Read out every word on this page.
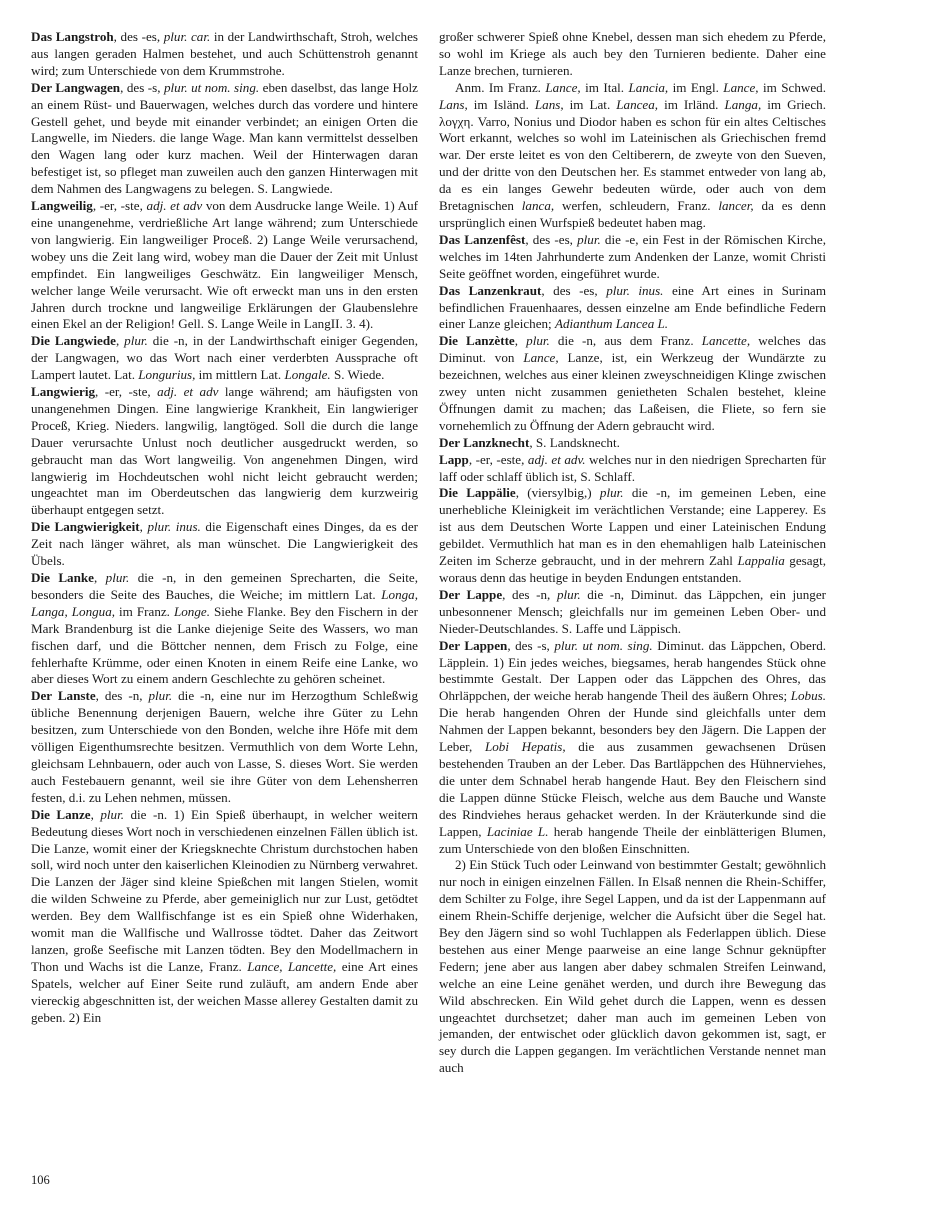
Das Langstroh, des -es, plur. car. in der Landwirthschaft, Stroh, welches aus langen geraden Halmen bestehet, und auch Schüttenstroh genannt wird; zum Unterschiede von dem Krummstrohe.

Der Langwagen, des -s, plur. ut nom. sing. eben daselbst, das lange Holz an einem Rüst- und Bauerwagen, welches durch das vordere und hintere Gestell gehet, und beyde mit einander verbindet; an einigen Orten die Langwelle, im Nieders. die lange Wage. Man kann vermittelst desselben den Wagen lang oder kurz machen. Weil der Hinterwagen daran befestiget ist, so pfleget man zuweilen auch den ganzen Hinterwagen mit dem Nahmen des Langwagens zu belegen. S. Langwiede.

Langweilig, -er, -ste, adj. et adv von dem Ausdrucke lange Weile. 1) Auf eine unangenehme, verdrießliche Art lange während; zum Unterschiede von langwierig. Ein langweiliger Proceß. 2) Lange Weile verursachend, wobey uns die Zeit lang wird, wobey man die Dauer der Zeit mit Unlust empfindet. Ein langweiliges Geschwätz. Ein langweiliger Mensch, welcher lange Weile verursacht. Wie oft erweckt man uns in den ersten Jahren durch trockne und langweilige Erklärungen der Glaubenslehre einen Ekel an der Religion! Gell. S. Lange Weile in LangII. 3. 4).

Die Langwiede, plur. die -n, in der Landwirthschaft einiger Gegenden, der Langwagen, wo das Wort nach einer verderbten Aussprache oft Lampert lautet. Lat. Longurius, im mittlern Lat. Longale. S. Wiede.

Langwierig, -er, -ste, adj. et adv lange während; am häufigsten von unangenehmen Dingen. Eine langwierige Krankheit, Ein langwieriger Proceß, Krieg. Nieders. langwilig, langtöged. Soll die durch die lange Dauer verursachte Unlust noch deutlicher ausgedruckt werden, so gebraucht man das Wort langweilig. Von angenehmen Dingen, wird langwierig im Hochdeutschen wohl nicht leicht gebraucht werden; ungeachtet man im Oberdeutschen das langwierig dem kurzweirig überhaupt entgegen setzt.

Die Langwierigkeit, plur. inus. die Eigenschaft eines Dinges, da es der Zeit nach länger währet, als man wünschet. Die Langwierigkeit des Übels.

Die Lanke, plur. die -n, in den gemeinen Sprecharten, die Seite, besonders die Seite des Bauches, die Weiche; im mittlern Lat. Longa, Langa, Longua, im Franz. Longe. Siehe Flanke. Bey den Fischern in der Mark Brandenburg ist die Lanke diejenige Seite des Wassers, wo man fischen darf, und die Böttcher nennen, dem Frisch zu Folge, eine fehlerhafte Krümme, oder einen Knoten in einem Reife eine Lanke, wo aber dieses Wort zu einem andern Geschlechte zu gehören scheinet.

Der Lanste, des -n, plur. die -n, eine nur im Herzogthum Schleßwig übliche Benennung derjenigen Bauern, welche ihre Güter zu Lehn besitzen, zum Unterschiede von den Bonden, welche ihre Höfe mit dem völligen Eigenthumsrechte besitzen. Vermuthlich von dem Worte Lehn, gleichsam Lehnbauern, oder auch von Lasse, S. dieses Wort. Sie werden auch Festebauern genannt, weil sie ihre Güter von dem Lehensherren festen, d.i. zu Lehen nehmen, müssen.

Die Lanze, plur. die -n. 1) Ein Spieß überhaupt, in welcher weitern Bedeutung dieses Wort noch in verschiedenen einzelnen Fällen üblich ist. Die Lanze, womit einer der Kriegsknechte Christum durchstochen haben soll, wird noch unter den kaiserlichen Kleinodien zu Nürnberg verwahret. Die Lanzen der Jäger sind kleine Spießchen mit langen Stielen, womit die wilden Schweine zu Pferde, aber gemeiniglich nur zur Lust, getödtet werden. Bey dem Wallfischfange ist es ein Spieß ohne Widerhaken, womit man die Wallfische und Wallrosse tödtet. Daher das Zeitwort lanzen, große Seefische mit Lanzen tödten. Bey den Modellmachern in Thon und Wachs ist die Lanze, Franz. Lance, Lancette, eine Art eines Spatels, welcher auf Einer Seite rund zuläuft, am andern Ende aber viereckig abgeschnitten ist, der weichen Masse allerey Gestalten damit zu geben. 2) Ein

großer schwerer Spieß ohne Knebel, dessen man sich ehedem zu Pferde, so wohl im Kriege als auch bey den Turnieren bediente. Daher eine Lanze brechen, turnieren.

Anm. Im Franz. Lance, im Ital. Lancia, im Engl. Lance, im Schwed. Lans, im Isländ. Lans, im Lat. Lancea, im Irländ. Langa, im Griech. λογχη. Varro, Nonius und Diodor haben es schon für ein altes Celtisches Wort erkannt, welches so wohl im Lateinischen als Griechischen fremd war. Der erste leitet es von den Celtiberern, de zweyte von den Sueven, und der dritte von den Deutschen her. Es stammet entweder von lang ab, da es ein langes Gewehr bedeuten würde, oder auch von dem Bretagnischen lanca, werfen, schleudern, Franz. lancer, da es denn ursprünglich einen Wurfspieß bedeutet haben mag.

Das Lanzenfêst, des -es, plur. die -e, ein Fest in der Römischen Kirche, welches im 14ten Jahrhunderte zum Andenken der Lanze, womit Christi Seite geöffnet worden, eingeführet wurde.

Das Lanzenkraut, des -es, plur. inus. eine Art eines in Surinam befindlichen Frauenhaares, dessen einzelne am Ende befindliche Federn einer Lanze gleichen; Adianthum Lancea L.

Die Lanzètte, plur. die -n, aus dem Franz. Lancette, welches das Diminut. von Lance, Lanze, ist, ein Werkzeug der Wundärzte zu bezeichnen, welches aus einer kleinen zweyschneidigen Klinge zwischen zwey unten nicht zusammen genietheten Schalen bestehet, kleine Öffnungen damit zu machen; das Laßeisen, die Fliete, so fern sie vornehemlich zu Öffnung der Adern gebraucht wird.

Der Lanzknecht, S. Landsknecht.

Lapp, -er, -este, adj. et adv. welches nur in den niedrigen Sprecharten für laff oder schlaff üblich ist, S. Schlaff.

Die Lappälie, (viersylbig,) plur. die -n, im gemeinen Leben, eine unerhebliche Kleinigkeit im verächtlichen Verstande; eine Lapperey. Es ist aus dem Deutschen Worte Lappen und einer Lateinischen Endung gebildet. Vermuthlich hat man es in den ehemahligen halb Lateinischen Zeiten im Scherze gebraucht, und in der mehrern Zahl Lappalia gesagt, woraus denn das heutige in beyden Endungen entstanden.

Der Lappe, des -n, plur. die -n, Diminut. das Läppchen, ein junger unbesonnener Mensch; gleichfalls nur im gemeinen Leben Ober- und Nieder-Deutschlandes. S. Laffe und Läppisch.

Der Lappen, des -s, plur. ut nom. sing. Diminut. das Läppchen, Oberd. Läpplein. 1) Ein jedes weiches, biegsames, herab hangendes Stück ohne bestimmte Gestalt. Der Lappen oder das Läppchen des Ohres, das Ohrläppchen, der weiche herab hangende Theil des äußern Ohres; Lobus. Die herab hangenden Ohren der Hunde sind gleichfalls unter dem Nahmen der Lappen bekannt, besonders bey den Jägern. Die Lappen der Leber, Lobi Hepatis, die aus zusammen gewachsenen Drüsen bestehenden Trauben an der Leber. Das Bartläppchen des Hühnerviehes, die unter dem Schnabel herab hangende Haut. Bey den Fleischern sind die Lappen dünne Stücke Fleisch, welche aus dem Bauche und Wanste des Rindviehes heraus gehacket werden. In der Kräuterkunde sind die Lappen, Laciniae L. herab hangende Theile der einblätterigen Blumen, zum Unterschiede von den bloßen Einschnitten.

2) Ein Stück Tuch oder Leinwand von bestimmter Gestalt; gewöhnlich nur noch in einigen einzelnen Fällen. In Elsaß nennen die Rhein-Schiffer, dem Schilter zu Folge, ihre Segel Lappen, und da ist der Lappenmann auf einem Rhein-Schiffe derjenige, welcher die Aufsicht über die Segel hat. Bey den Jägern sind so wohl Tuchlappen als Federlappen üblich. Diese bestehen aus einer Menge paarweise an eine lange Schnur geknüpfter Federn; jene aber aus langen aber dabey schmalen Streifen Leinwand, welche an eine Leine genähet werden, und durch ihre Bewegung das Wild abschrecken. Ein Wild gehet durch die Lappen, wenn es dessen ungeachtet durchsetzet; daher man auch im gemeinen Leben von jemanden, der entwischet oder glücklich davon gekommen ist, sagt, er sey durch die Lappen gegangen. Im verächtlichen Verstande nennet man auch

106
